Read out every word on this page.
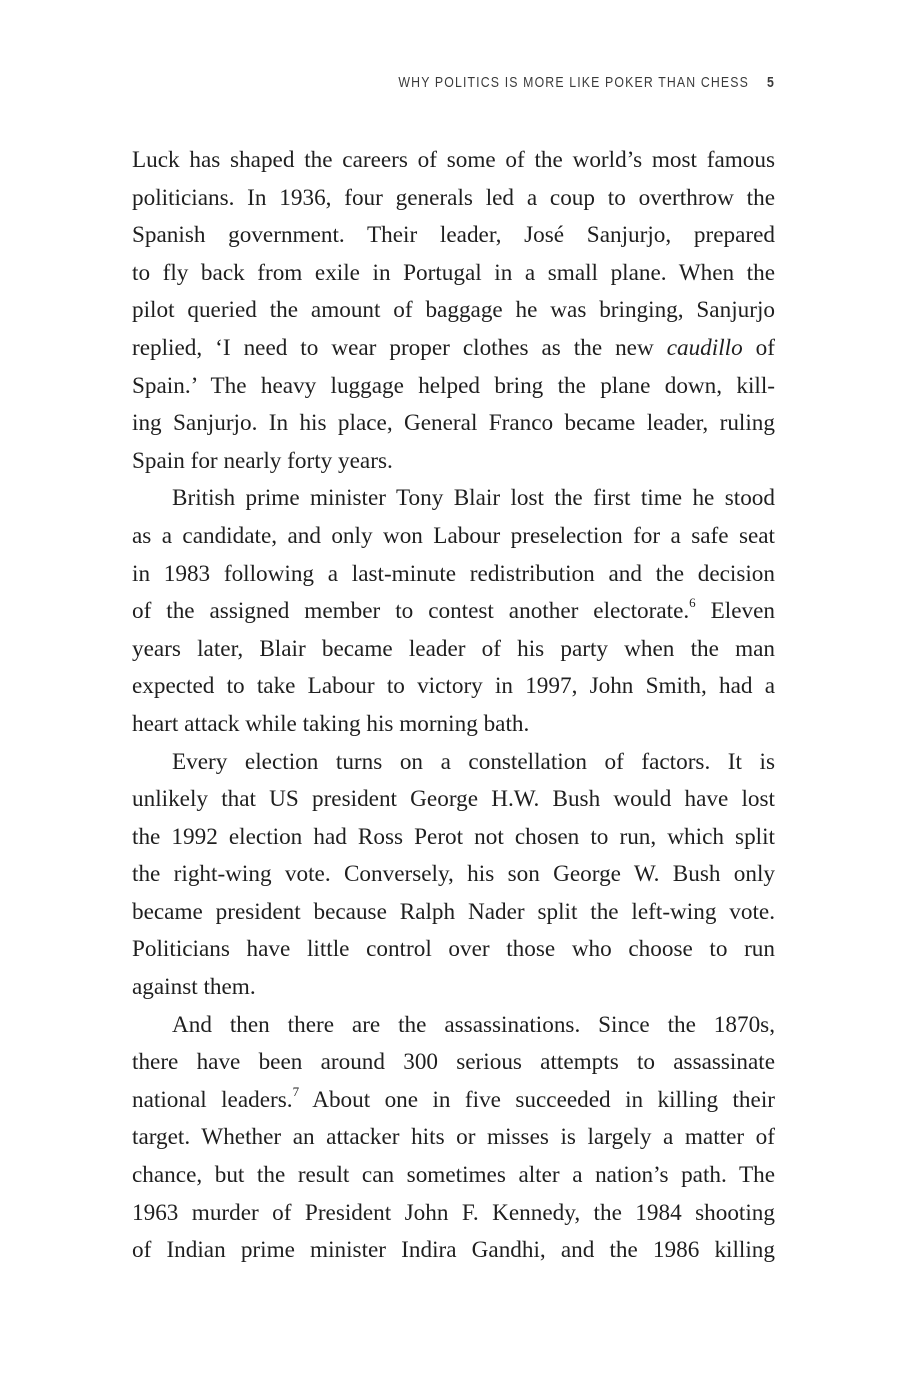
WHY POLITICS IS MORE LIKE POKER THAN CHESS 5
Luck has shaped the careers of some of the world’s most famous
politicians. In 1936, four generals led a coup to overthrow the
Spanish government. Their leader, José Sanjurjo, prepared
to fly back from exile in Portugal in a small plane. When the
pilot queried the amount of baggage he was bringing, Sanjurjo
replied, ‘I need to wear proper clothes as the new caudillo of
Spain.’ The heavy luggage helped bring the plane down, kill-
ing Sanjurjo. In his place, General Franco became leader, ruling
Spain for nearly forty years.
British prime minister Tony Blair lost the first time he stood
as a candidate, and only won Labour preselection for a safe seat
in 1983 following a last-minute redistribution and the decision
of the assigned member to contest another electorate.$^6$ Eleven
years later, Blair became leader of his party when the man
expected to take Labour to victory in 1997, John Smith, had a
heart attack while taking his morning bath.
Every election turns on a constellation of factors. It is
unlikely that US president George H.W. Bush would have lost
the 1992 election had Ross Perot not chosen to run, which split
the right-wing vote. Conversely, his son George W. Bush only
became president because Ralph Nader split the left-wing vote.
Politicians have little control over those who choose to run
against them.
And then there are the assassinations. Since the 1870s,
there have been around 300 serious attempts to assassinate
national leaders.$^7$ About one in five succeeded in killing their
target. Whether an attacker hits or misses is largely a matter of
chance, but the result can sometimes alter a nation’s path. The
1963 murder of President John F. Kennedy, the 1984 shooting
of Indian prime minister Indira Gandhi, and the 1986 killing
